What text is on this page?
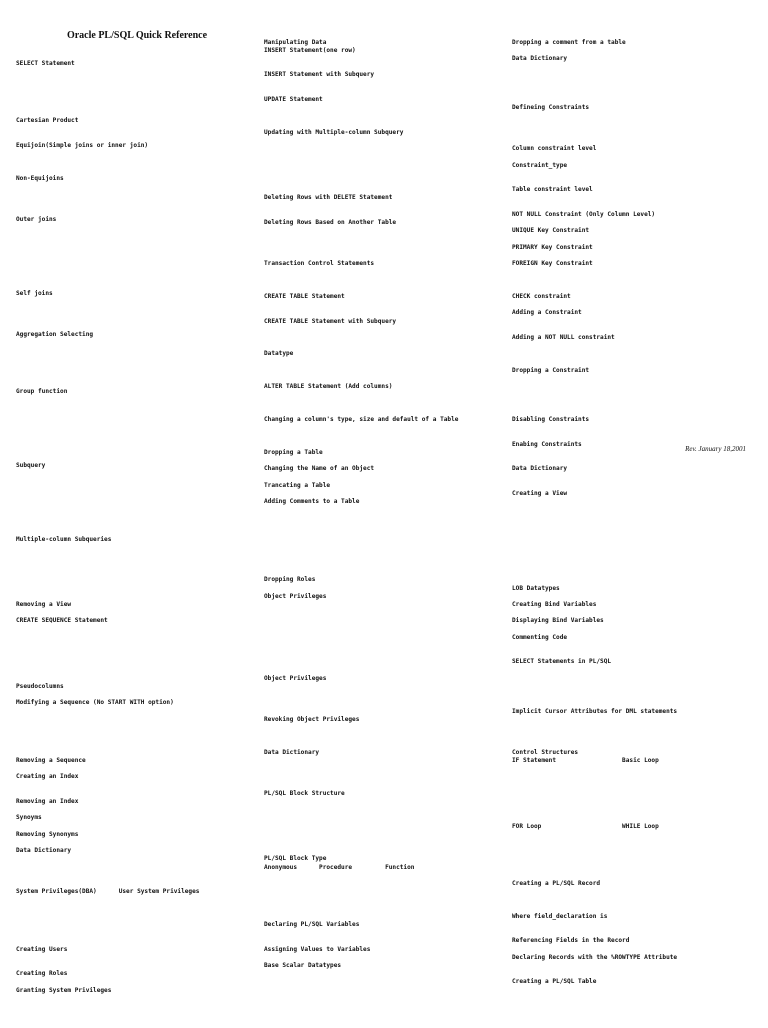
Oracle PL/SQL Quick Reference

SELECT Statement

Cartesian Product

Equijoin(Simple joins or inner join)

Non-Equijoins

Outer joins

Self joins

Aggregation Selecting

Group function

Subquery

Multiple-column Subqueries

Manipulating Data
INSERT Statement(one row)

INSERT Statement with Subquery

UPDATE Statement

Updating with Multiple-column Subquery

Deleting Rows with DELETE Statement

Deleting Rows Based on Another Table

Transaction Control Statements

CREATE TABLE Statement

CREATE TABLE Statement with Subquery

Datatype

ALTER TABLE Statement (Add columns)

Changing a column's type, size and default of a Table

Dropping a Table

Changing the Name of an Object

Trancating a Table

Adding Comments to a Table

Dropping a comment from a table

Data Dictionary

Defineing Constraints

Column constraint level

Constraint_type

Table constraint level

NOT NULL Constraint (Only Column Level)

UNIQUE Key Constraint

PRIMARY Key Constraint

FOREIGN Key Constraint

CHECK constraint

Adding a Constraint

Adding a NOT NULL constraint

Dropping a Constraint

Disabling Constraints

Enabing Constraints

Data Dictionary

Creating a View

Rev. January 18,2001

Removing a View

CREATE SEQUENCE Statement

Pseudocolumns

Modifying a Sequence (No START WITH option)

Removing a Sequence

Creating an Index

Removing an Index

Synoyms

Removing Synonyms

Data Dictionary

System Privileges(DBA)      User System Privileges

Creating Users

Creating Roles

Granting System Privileges

Dropping Roles

Object Privileges

Object Privileges

Revoking Object Privileges

Data Dictionary

PL/SQL Block Structure

PL/SQL Block Type
Anonymous      Procedure         Function

Declaring PL/SQL Variables

Assigning Values to Variables

Base Scalar Datatypes

LOB Datatypes

Creating Bind Variables

Displaying Bind Variables

Commenting Code

SELECT Statements in PL/SQL

Implicit Cursor Attributes for DML statements

Control Structures
IF Statement                  Basic Loop

FOR Loop                      WHILE Loop

Creating a PL/SQL Record

Where field_declaration is

Referencing Fields in the Record

Declaring Records with the %ROWTYPE Attribute

Creating a PL/SQL Table
